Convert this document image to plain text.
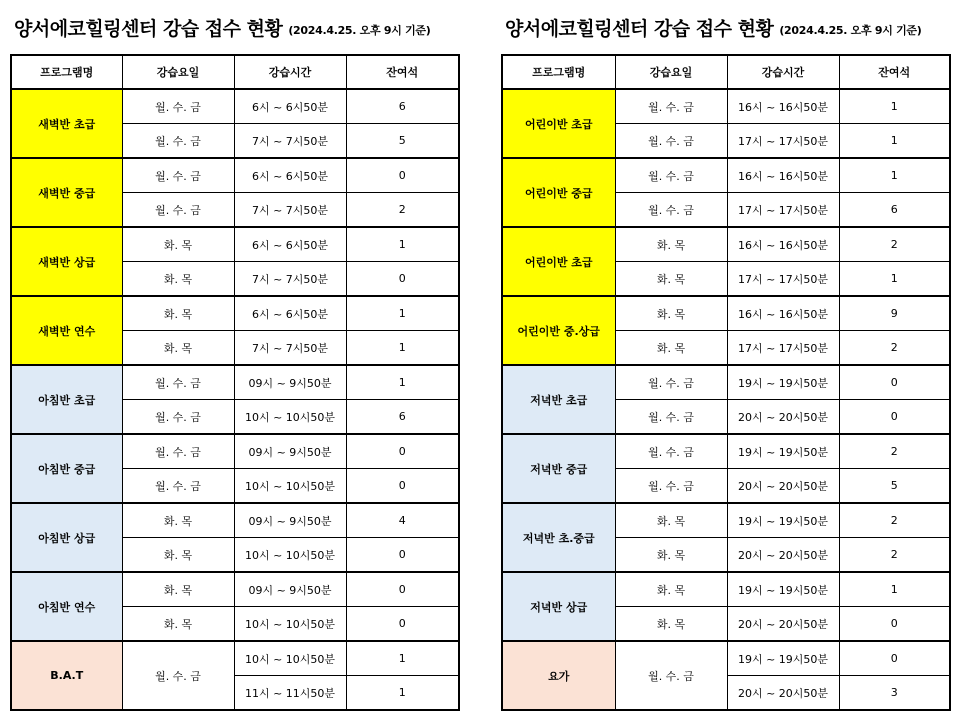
양서에코힐링센터 강습 접수 현황 (2024.4.25. 오후 9시 기준)
프로그램명	강습요일	강습시간	잔여석
새벽반 초급	월. 수. 금	6시 ~ 6시50분	6
	월. 수. 금	7시 ~ 7시50분	5
새벽반 중급	월. 수. 금	6시 ~ 6시50분	0
	월. 수. 금	7시 ~ 7시50분	2
새벽반 상급	화. 목	6시 ~ 6시50분	1
	화. 목	7시 ~ 7시50분	0
새벽반 연수	화. 목	6시 ~ 6시50분	1
	화. 목	7시 ~ 7시50분	1
아침반 초급	월. 수. 금	09시 ~ 9시50분	1
	월. 수. 금	10시 ~ 10시50분	6
아침반 중급	월. 수. 금	09시 ~ 9시50분	0
	월. 수. 금	10시 ~ 10시50분	0
아침반 상급	화. 목	09시 ~ 9시50분	4
	화. 목	10시 ~ 10시50분	0
아침반 연수	화. 목	09시 ~ 9시50분	0
	화. 목	10시 ~ 10시50분	0
B.A.T	월. 수. 금	10시 ~ 10시50분	1
		11시 ~ 11시50분	1
양서에코힐링센터 강습 접수 현황 (2024.4.25. 오후 9시 기준)
프로그램명	강습요일	강습시간	잔여석
어린이반 초급	월. 수. 금	16시 ~ 16시50분	1
	월. 수. 금	17시 ~ 17시50분	1
어린이반 중급	월. 수. 금	16시 ~ 16시50분	1
	월. 수. 금	17시 ~ 17시50분	6
어린이반 초급	화. 목	16시 ~ 16시50분	2
	화. 목	17시 ~ 17시50분	1
어린이반 중.상급	화. 목	16시 ~ 16시50분	9
	화. 목	17시 ~ 17시50분	2
저녁반 초급	월. 수. 금	19시 ~ 19시50분	0
	월. 수. 금	20시 ~ 20시50분	0
저녁반 중급	월. 수. 금	19시 ~ 19시50분	2
	월. 수. 금	20시 ~ 20시50분	5
저녁반 초.중급	화. 목	19시 ~ 19시50분	2
	화. 목	20시 ~ 20시50분	2
저녁반 상급	화. 목	19시 ~ 19시50분	1
	화. 목	20시 ~ 20시50분	0
요가	월. 수. 금	19시 ~ 19시50분	0
		20시 ~ 20시50분	3
